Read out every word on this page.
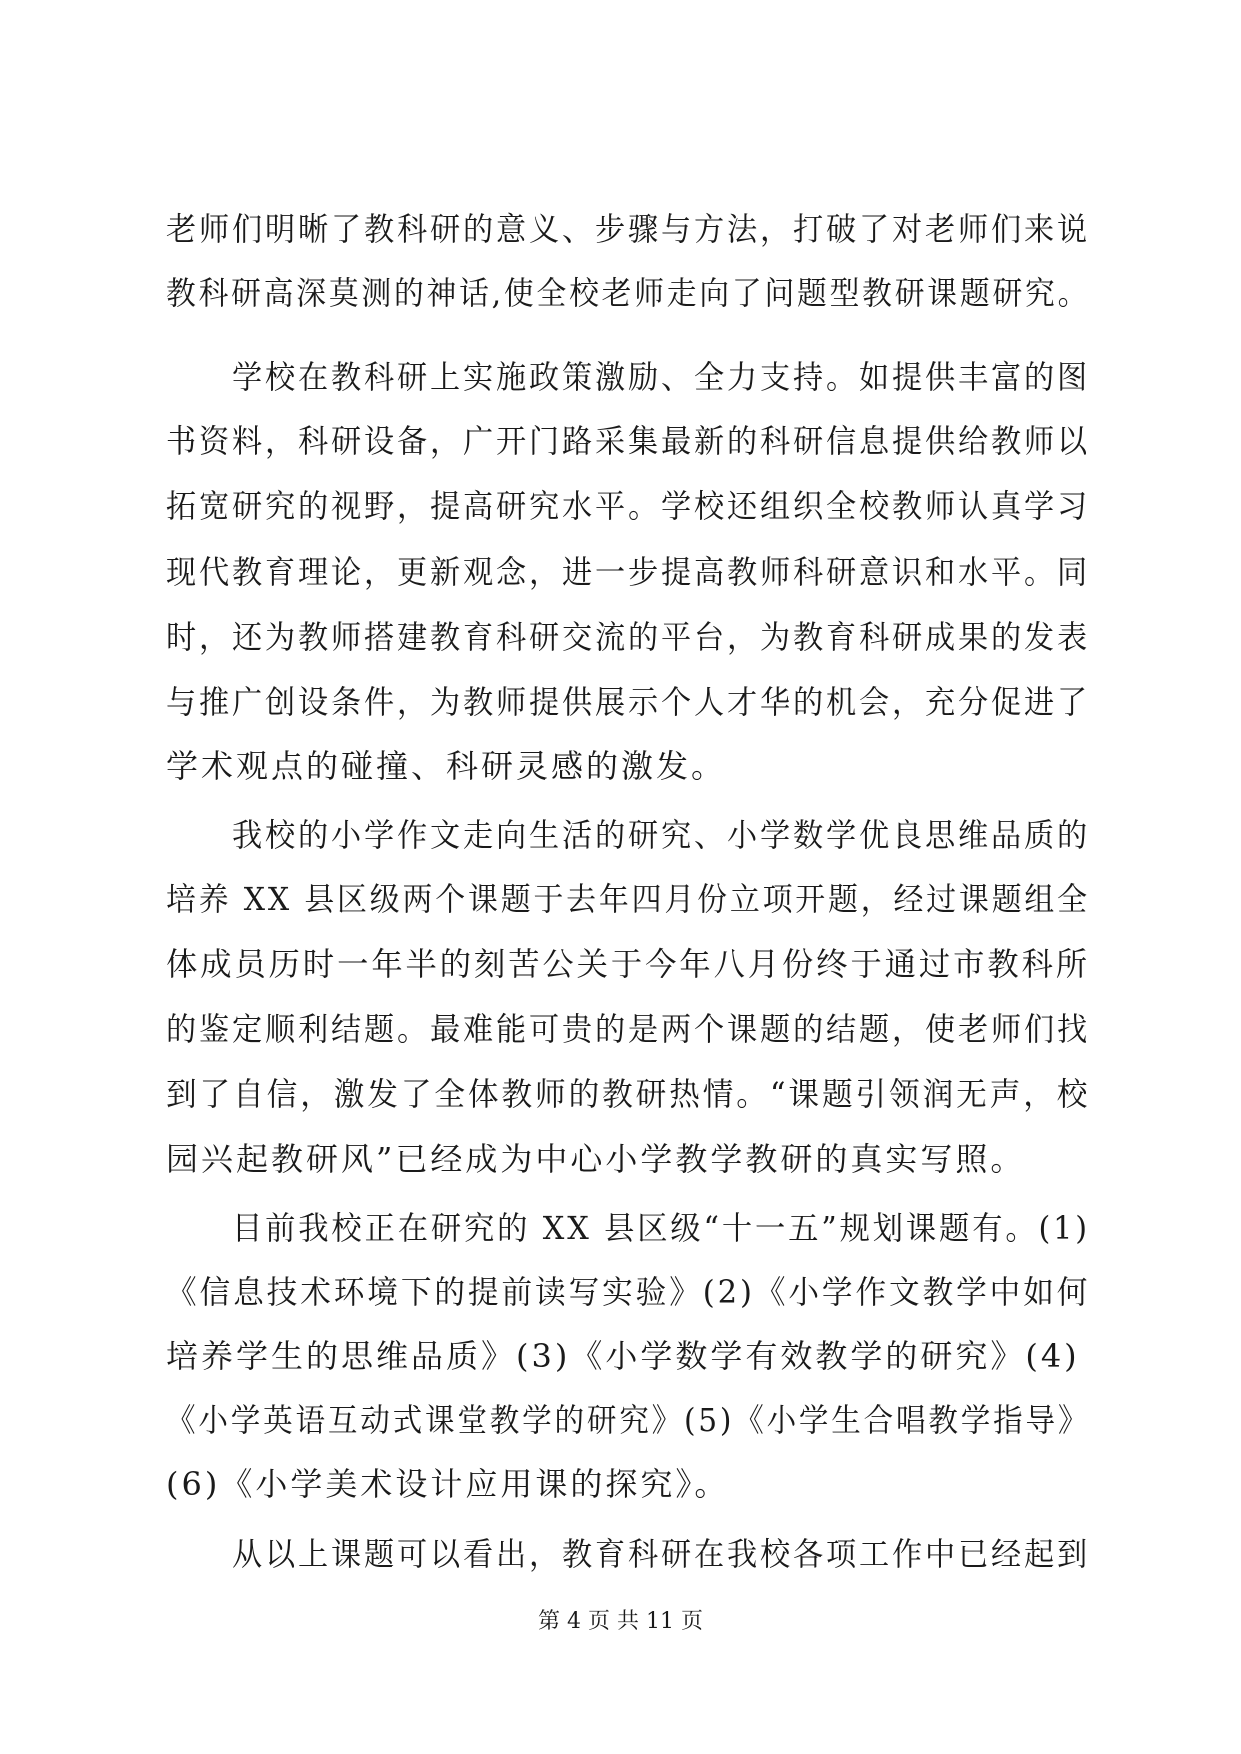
老师们明晰了教科研的意义、步骤与方法，打破了对老师们来说
教科研高深莫测的神话,使全校老师走向了问题型教研课题研究。
学校在教科研上实施政策激励、全力支持。如提供丰富的图
书资料，科研设备，广开门路采集最新的科研信息提供给教师以
拓宽研究的视野，提高研究水平。学校还组织全校教师认真学习
现代教育理论，更新观念，进一步提高教师科研意识和水平。同
时，还为教师搭建教育科研交流的平台，为教育科研成果的发表
与推广创设条件，为教师提供展示个人才华的机会，充分促进了
学术观点的碰撞、科研灵感的激发。
我校的小学作文走向生活的研究、小学数学优良思维品质的
培养 XX 县区级两个课题于去年四月份立项开题，经过课题组全
体成员历时一年半的刻苦公关于今年八月份终于通过市教科所
的鉴定顺利结题。最难能可贵的是两个课题的结题，使老师们找
到了自信，激发了全体教师的教研热情。“课题引领润无声，校
园兴起教研风”已经成为中心小学教学教研的真实写照。
目前我校正在研究的 XX 县区级“十一五”规划课题有。(1)
《信息技术环境下的提前读写实验》(2)《小学作文教学中如何
培养学生的思维品质》(3)《小学数学有效教学的研究》(4)
《小学英语互动式课堂教学的研究》(5)《小学生合唱教学指导》
(6)《小学美术设计应用课的探究》。
从以上课题可以看出，教育科研在我校各项工作中已经起到
第 4 页 共 11 页
